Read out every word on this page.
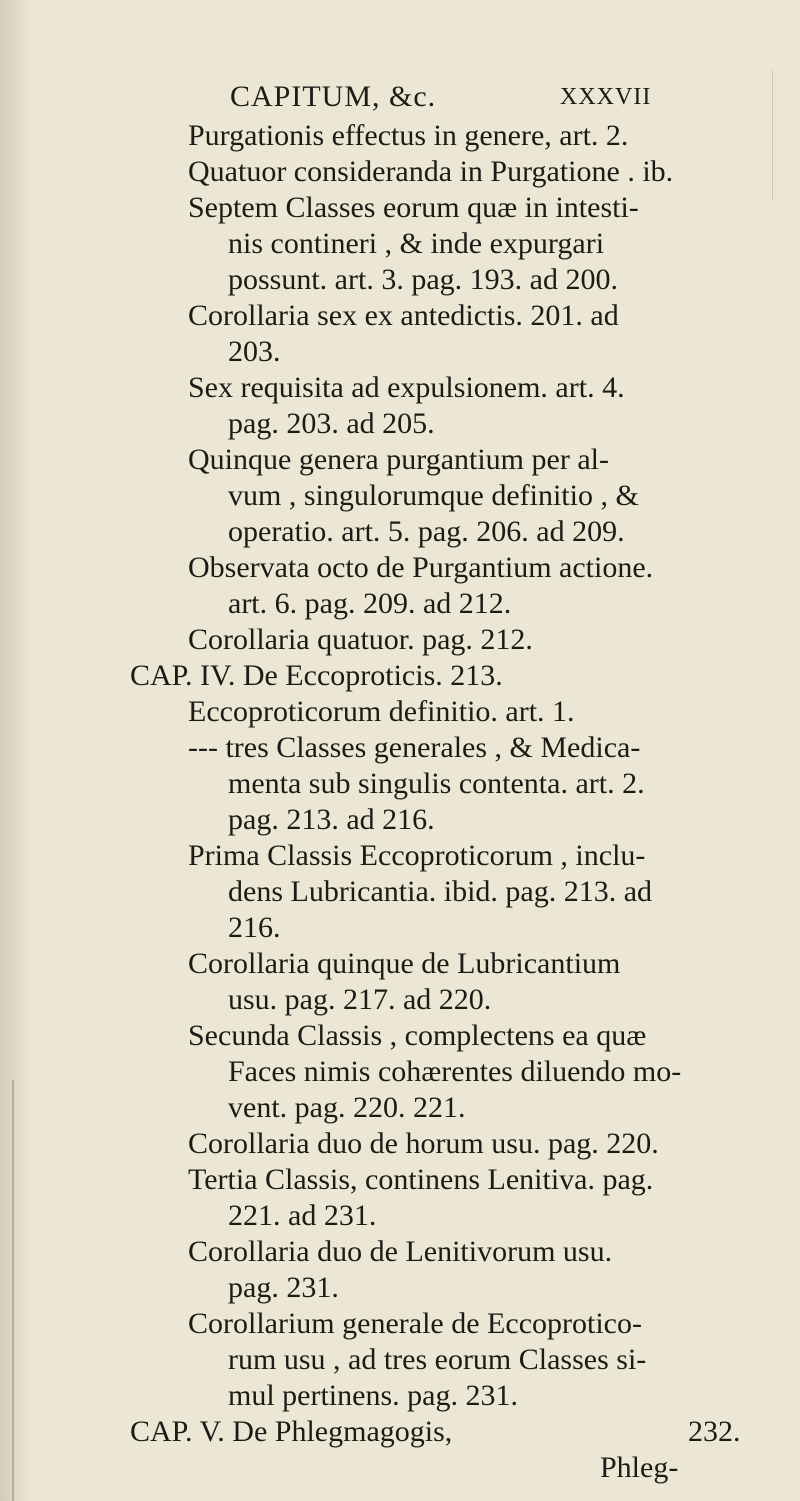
CAPITUM, &c.	XXXVII
Purgationis effectus in genere, art. 2.
Quatuor consideranda in Purgatione . ib.
Septem Classes eorum quæ in intesti-
nis contineri , & inde expurgari
possunt. art. 3. pag. 193. ad 200.
Corollaria sex ex antedictis. 201. ad
203.
Sex requisita ad expulsionem. art. 4.
pag. 203. ad 205.
Quinque genera purgantium per al-
vum , singulorumque definitio , &
operatio. art. 5. pag. 206. ad 209.
Observata octo de Purgantium actione.
art. 6. pag. 209. ad 212.
Corollaria quatuor. pag. 212.
CAP. IV. De Eccoproticis. 213.
Eccoproticorum definitio. art. 1.
--- tres Classes generales , & Medica-
menta sub singulis contenta. art. 2.
pag. 213. ad 216.
Prima Classis Eccoproticorum , inclu-
dens Lubricantia. ibid. pag. 213. ad
216.
Corollaria quinque de Lubricantium
usu. pag. 217. ad 220.
Secunda Classis , complectens ea quæ
Faces nimis cohærentes diluendo mo-
vent. pag. 220. 221.
Corollaria duo de horum usu. pag. 220.
Tertia Classis, continens Lenitiva. pag.
221. ad 231.
Corollaria duo de Lenitivorum usu.
pag. 231.
Corollarium generale de Eccoprotico-
rum usu , ad tres eorum Classes si-
mul pertinens. pag. 231.
CAP. V. De Phlegmagogis,	232.
Phleg-
